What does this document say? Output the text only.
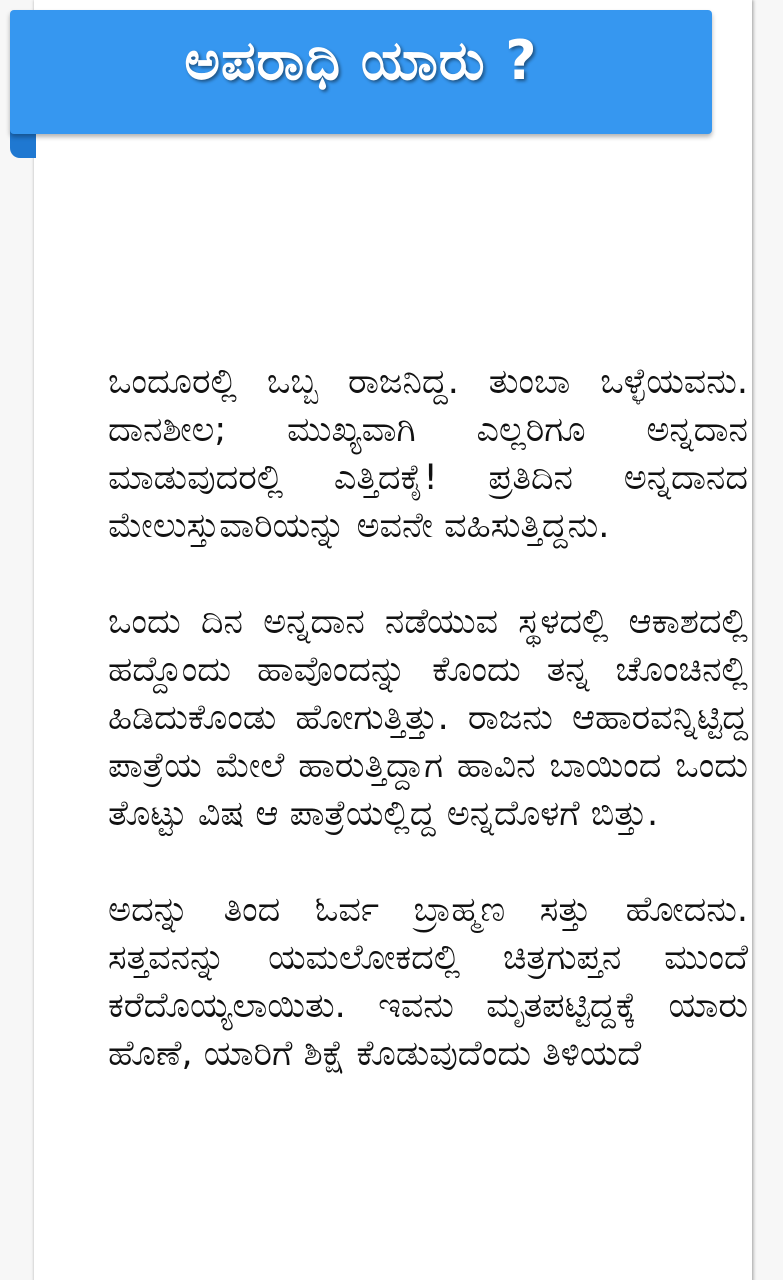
ಒಂದೂರಲ್ಲಿ ಒಬ್ಬ ರಾಜನಿದ್ದ. ತುಂಬಾ ಒಳ್ಳೆಯವನು. ದಾನಶೀಲ; ಮುಖ್ಯವಾಗಿ ಎಲ್ಲರಿಗೂ ಅನ್ನದಾನ ಮಾಡುವುದರಲ್ಲಿ ಎತ್ತಿದಕೈ! ಪ್ರತಿದಿನ ಅನ್ನದಾನದ ಮೇಲುಸ್ತುವಾರಿಯನ್ನು ಅವನೇ ವಹಿಸುತ್ತಿದ್ದನು.

ಒಂದು ದಿನ ಅನ್ನದಾನ ನಡೆಯುವ ಸ್ಥಳದಲ್ಲಿ ಆಕಾಶದಲ್ಲಿ ಹದ್ದೊಂದು ಹಾವೊಂದನ್ನು ಕೊಂದು ತನ್ನ ಚೊಂಚಿನಲ್ಲಿ ಹಿಡಿದುಕೊಂಡು ಹೋಗುತ್ತಿತ್ತು. ರಾಜನು ಆಹಾರವನ್ನಿಟ್ಟಿದ್ದ ಪಾತ್ರೆಯ ಮೇಲೆ ಹಾರುತ್ತಿದ್ದಾಗ ಹಾವಿನ ಬಾಯಿಂದ ಒಂದು ತೊಟ್ಟು ವಿಷ ಆ ಪಾತ್ರೆಯಲ್ಲಿದ್ದ ಅನ್ನದೊಳಗೆ ಬಿತ್ತು.

ಅದನ್ನು ತಿಂದ ಓರ್ವ ಬ್ರಾಹ್ಮಣ ಸತ್ತು ಹೋದನು. ಸತ್ತವನನ್ನು ಯಮಲೋಕದಲ್ಲಿ ಚಿತ್ರಗುಪ್ತನ ಮುಂದೆ ಕರೆದೊಯ್ಯಲಾಯಿತು. ಇವನು ಮೃತಪಟ್ಟಿದ್ದಕ್ಕೆ ಯಾರು ಹೊಣೆ, ಯಾರಿಗೆ ಶಿಕ್ಷೆ ಕೊಡುವುದೆಂದು ತಿಳಿಯದೆ

ಅಪರಾಧಿ ಯಾರು ?
